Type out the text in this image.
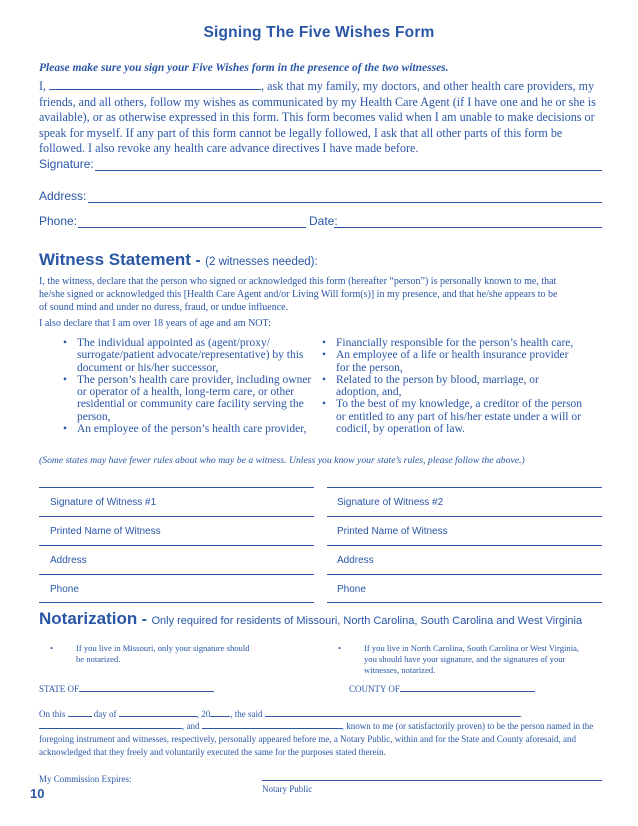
Signing The Five Wishes Form
Please make sure you sign your Five Wishes form in the presence of the two witnesses.
I,	, ask that my family, my doctors, and other health care providers, my friends, and all others, follow my wishes as communicated by my Health Care Agent (if I have one and he or she is available), or as otherwise expressed in this form. This form becomes valid when I am unable to make decisions or speak for myself. If any part of this form cannot be legally followed, I ask that all other parts of this form be followed. I also revoke any health care advance directives I have made before.
Signature:
Address:
Phone:	Date:
Witness Statement - (2 witnesses needed):
I, the witness, declare that the person who signed or acknowledged this form (hereafter “person”) is personally known to me, that he/she signed or acknowledged this [Health Care Agent and/or Living Will form(s)] in my presence, and that he/she appears to be of sound mind and under no duress, fraud, or undue influence.
I also declare that I am over 18 years of age and am NOT:
• The individual appointed as (agent/proxy/ surrogate/patient advocate/representative) by this document or his/her successor,
• The person’s health care provider, including owner or operator of a health, long-term care, or other residential or community care facility serving the person,
• An employee of the person’s health care provider,
• Financially responsible for the person’s health care,
• An employee of a life or health insurance provider for the person,
• Related to the person by blood, marriage, or adoption, and,
• To the best of my knowledge, a creditor of the person or entitled to any part of his/her estate under a will or codicil, by operation of law.
(Some states may have fewer rules about who may be a witness. Unless you know your state’s rules, please follow the above.)
Signature of Witness #1	Signature of Witness #2
Printed Name of Witness	Printed Name of Witness
Address	Address
Phone	Phone
Notarization - Only required for residents of Missouri, North Carolina, South Carolina and West Virginia
•	If you live in Missouri, only your signature should be notarized.
•	If you live in North Carolina, South Carolina or West Virginia, you should have your signature, and the signatures of your witnesses, notarized.
STATE OF	COUNTY OF
On this	day of	, 20 , the said	.
, and	, known to me (or satisfactorily proven) to be the person named in the
foregoing instrument and witnesses, respectively, personally appeared before me, a Notary Public, within and for the State and County aforesaid, and acknowledged that they freely and voluntarily executed the same for the purposes stated therein.
My Commission Expires:
Notary Public
10
